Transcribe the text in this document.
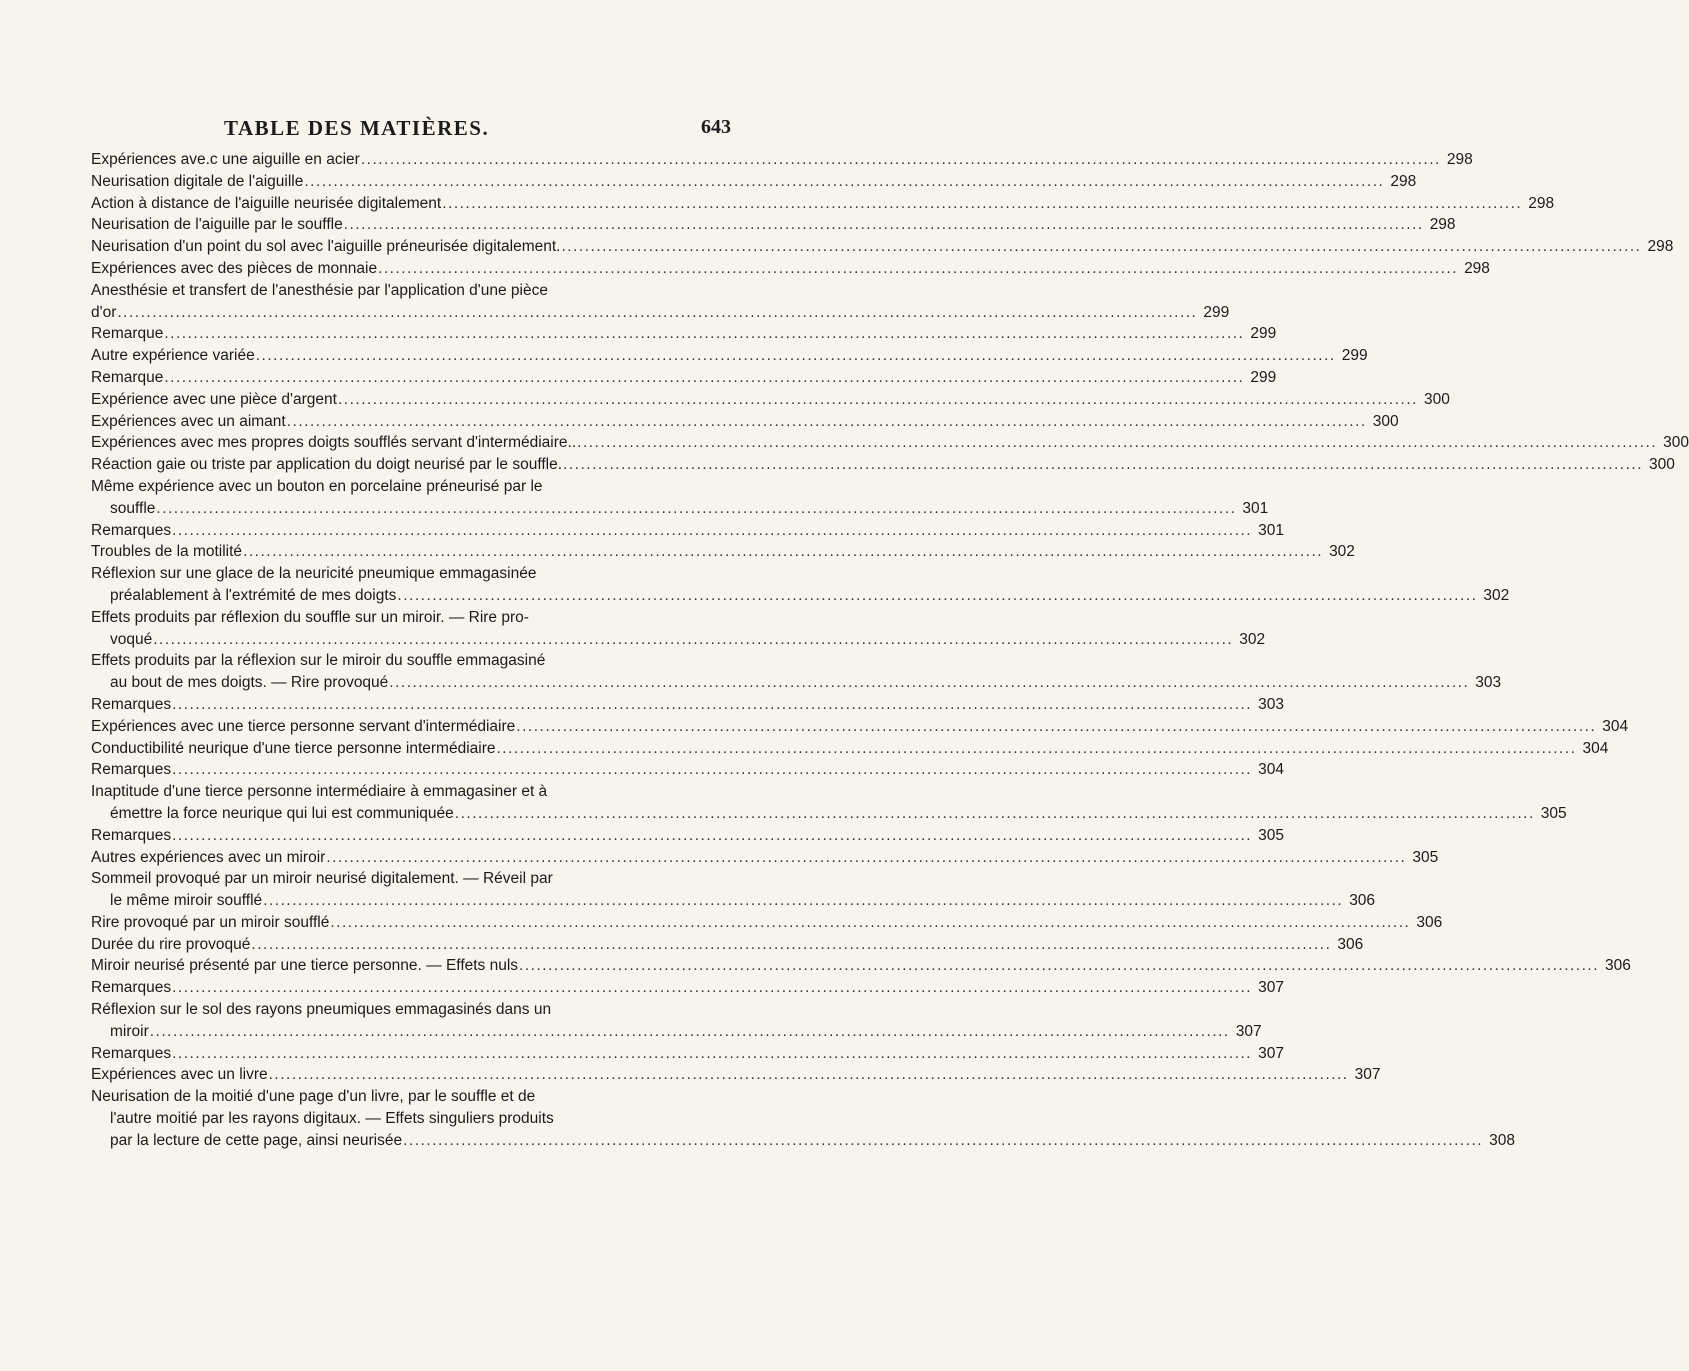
TABLE DES MATIÈRES.	643
Expériences ave.c une aiguille en acier .....	298
Neurisation digitale de l'aiguille .....	298
Action à distance de l'aiguille neurisée digitalement .....	298
Neurisation de l'aiguille par le souffle .....	298
Neurisation d'un point du sol avec l'aiguille préneurisée digitalement. .....	298
Expériences avec des pièces de monnaie .....	298
Anesthésie et transfert de l'anesthésie par l'application d'une pièce
d'or .....	299
Remarque .....	299
Autre expérience variée .....	299
Remarque .....	299
Expérience avec une pièce d'argent .....	300
Expériences avec un aimant .....	300
Expériences avec mes propres doigts soufflés servant d'intermédiaire.. .....	300
Réaction gaie ou triste par application du doigt neurisé par le souffle. .....	300
Même expérience avec un bouton en porcelaine préneurisé par le
souffle .....	301
Remarques .....	301
Troubles de la motilité .....	302
Réflexion sur une glace de la neuricité pneumique emmagasinée
préalablement à l'extrémité de mes doigts .....	302
Effets produits par réflexion du souffle sur un miroir. — Rire pro-
voqué .....	302
Effets produits par la réflexion sur le miroir du souffle emmagasiné
au bout de mes doigts. — Rire provoqué .....	303
Remarques .....	303
Expériences avec une tierce personne servant d'intermédiaire .....	304
Conductibilité neurique d'une tierce personne intermédiaire .....	304
Remarques .....	304
Inaptitude d'une tierce personne intermédiaire à emmagasiner et à
émettre la force neurique qui lui est communiquée .....	305
Remarques .....	305
Autres expériences avec un miroir .....	305
Sommeil provoqué par un miroir neurisé digitalement. — Réveil par
le même miroir soufflé .....	306
Rire provoqué par un miroir soufflé .....	306
Durée du rire provoqué .....	306
Miroir neurisé présenté par une tierce personne. — Effets nuls .....	306
Remarques .....	307
Réflexion sur le sol des rayons pneumiques emmagasinés dans un
miroir .....	307
Remarques .....	307
Expériences avec un livre .....	307
Neurisation de la moitié d'une page d'un livre, par le souffle et de
l'autre moitié par les rayons digitaux. — Effets singuliers produits
par la lecture de cette page, ainsi neurisée .....	308
